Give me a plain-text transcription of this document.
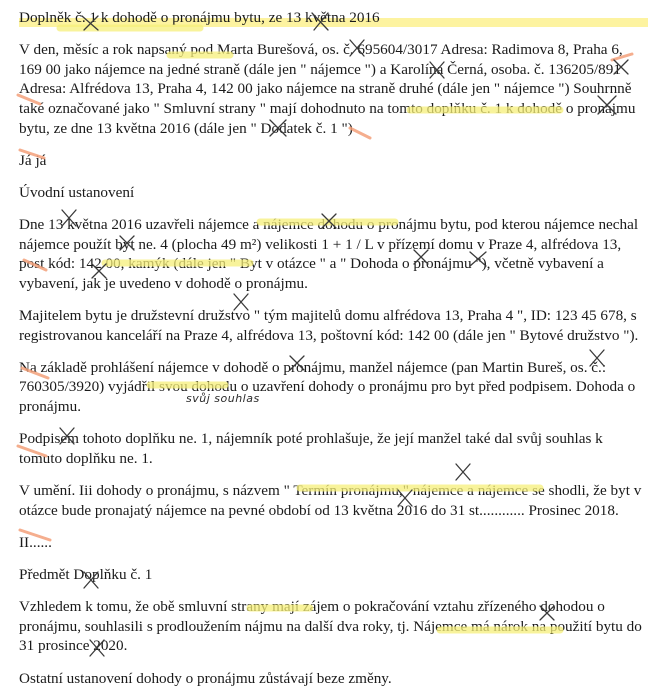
Doplněk č. 1 k dohodě o pronájmu bytu, ze 13 května 2016

V den, měsíc a rok napsaný pod Marta Burešová, os. č. 695604/3017 Adresa: Radimova 8, Praha 6, 169 00 jako nájemce na jedné straně (dále jen " nájemce ") a Karolína Černá, osoba. č. 136205/891 Adresa: Alfrédova 13, Praha 4, 142 00 jako nájemce na straně druhé (dále jen " nájemce ") Souhrnně také označované jako " Smluvní strany " mají dohodnuto na tomto doplňku č. 1 k dohodě o pronájmu bytu, ze dne 13 května 2016 (dále jen " Dodatek č. 1 ")

Já já

Úvodní ustanovení

Dne 13 května 2016 uzavřeli nájemce a nájemce dohodu o pronájmu bytu, pod kterou nájemce nechal nájemce použít byt ne. 4 (plocha 49 m²) velikosti 1 + 1 / L v přízemí domu v Praze 4, alfrédova 13, post kód: 142 00, kamýk (dále jen " Byt v otázce " a " Dohoda o pronájmu "), včetně vybavení a vybavení, jak je uvedeno v dohodě o pronájmu.

Majitelem bytu je družstevní družstvo " tým majitelů domu alfrédova 13, Praha 4 ", ID: 123 45 678, s registrovanou kanceláří na Praze 4, alfrédova 13, poštovní kód: 142 00 (dále jen " Bytové družstvo ").

Na základě prohlášení nájemce v dohodě o pronájmu, manžel nájemce (pan Martin Bureš, os. č.: 760305/3920) vyjádřil svou dohodu o uzavření dohody o pronájmu pro byt před podpisem. Dohoda o pronájmu.

Podpisem tohoto doplňku ne. 1, nájemník poté prohlašuje, že její manžel také dal svůj souhlas k tomuto doplňku ne. 1.

V umění. Iii dohody o pronájmu, s názvem " Termín pronájmu," nájemce a nájemce se shodli, že byt v otázce bude pronajatý nájemce na pevné období od 13 května 2016 do 31 st............ Prosinec 2018.

II......

Předmět Doplňku č. 1

Vzhledem k tomu, že obě smluvní strany mají zájem o pokračování vztahu zřízeného dohodou o pronájmu, souhlasili s prodloužením nájmu na další dva roky, tj. Nájemce má nárok na použití bytu do 31 prosince 2020.

Ostatní ustanovení dohody o pronájmu zůstávají beze změny.

svůj souhlas
